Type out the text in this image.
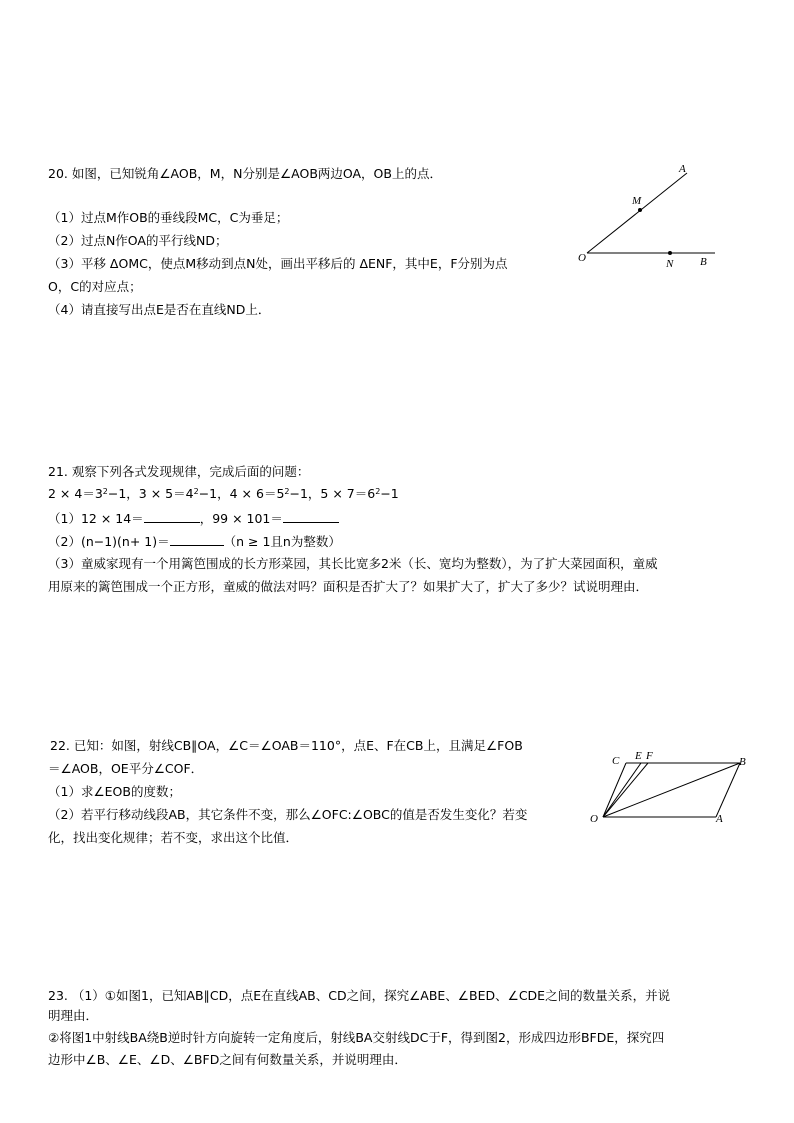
20. 如图，已知锐角∠AOB，M，N分别是∠AOB两边OA，OB上的点．
（1）过点M作OB的垂线段MC，C为垂足；
（2）过点N作OA的平行线ND；
（3）平移 ΔOMC，使点M移动到点N处，画出平移后的 ΔENF，其中E，F分别为点
O，C的对应点；
（4）请直接写出点E是否在直线ND上．
A
M
O	N B
21. 观察下列各式发现规律，完成后面的问题：
$2 \times 4=3^2-1$，$3 \times 5=4^2-1$，$4 \times 6=5^2-1$，$5 \times 7=6^2-1$
（1）12 × 14＝	，99 × 101＝
（2）(n−1)(n+ 1)＝	（n ≥ 1且n为整数）
（3）童威家现有一个用篱笆围成的长方形菜园，其长比宽多2米（长、宽均为整数），为了扩大菜园面积，童威
用原来的篱笆围成一个正方形，童威的做法对吗？面积是否扩大了？如果扩大了，扩大了多少？试说明理由．
22. 已知：如图，射线CB∥OA，∠C＝∠OAB＝110°，点E、F在CB上，且满足∠FOB
＝∠AOB，OE平分∠COF．
（1）求∠EOB的度数；
（2）若平行移动线段AB，其它条件不变，那么∠OFC:∠OBC的值是否发生变化？若变
化，找出变化规律；若不变，求出这个比值．
C E F	B
O	A
23. （1）①如图1，已知AB∥CD，点E在直线AB、CD之间，探究∠ABE、∠BED、∠CDE之间的数量关系，并说
明理由．
②将图1中射线BA绕B逆时针方向旋转一定角度后，射线BA交射线DC于F，得到图2，形成四边形BFDE，探究四
边形中∠B、∠E、∠D、∠BFD之间有何数量关系，并说明理由．
